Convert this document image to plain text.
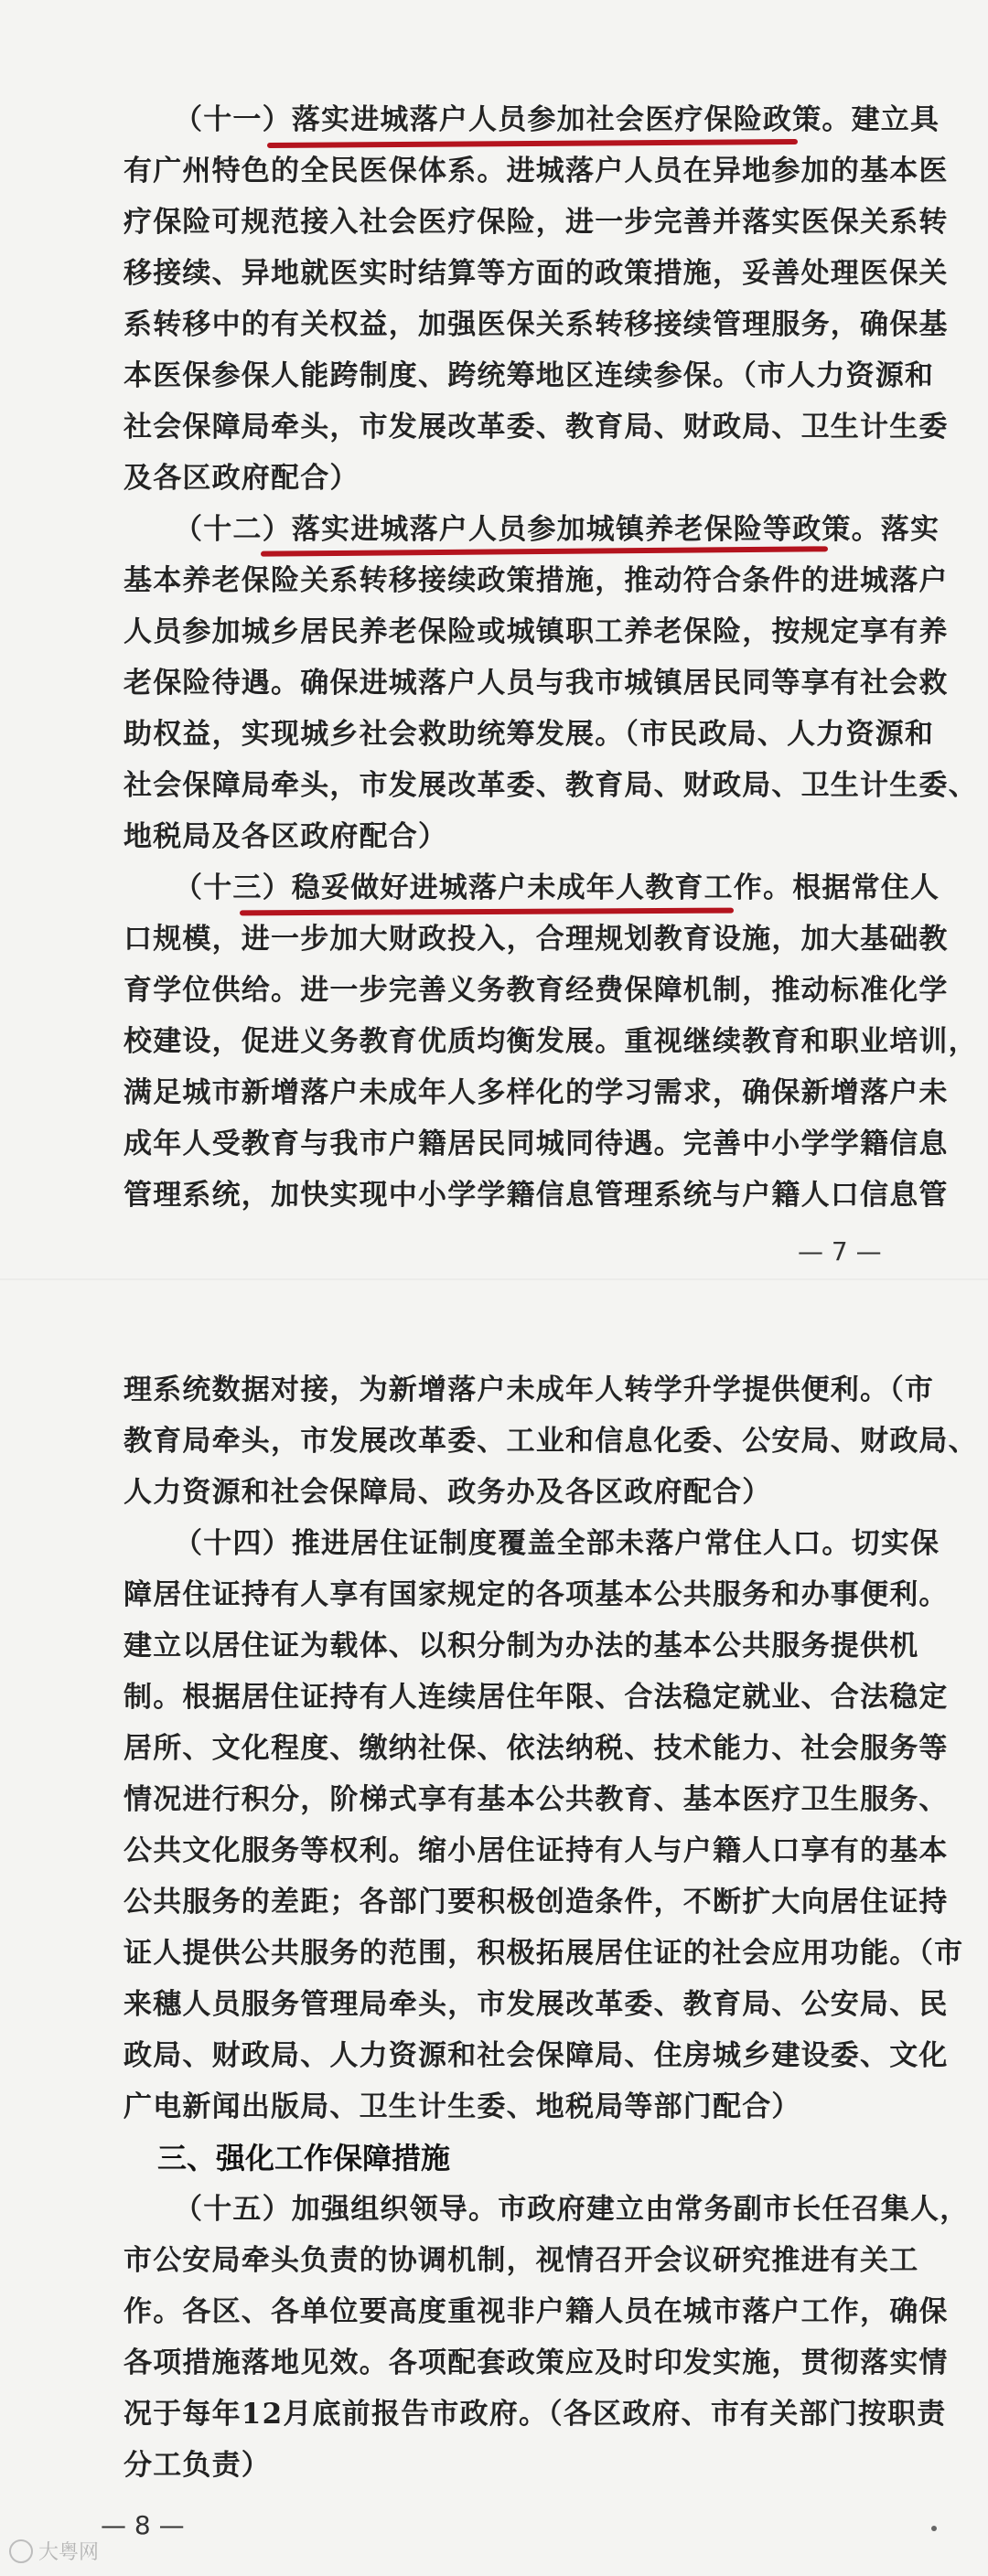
（十一）落实进城落户人员参加社会医疗保险政策。建立具
有广州特色的全民医保体系。进城落户人员在异地参加的基本医
疗保险可规范接入社会医疗保险，进一步完善并落实医保关系转
移接续、异地就医实时结算等方面的政策措施，妥善处理医保关
系转移中的有关权益，加强医保关系转移接续管理服务，确保基
本医保参保人能跨制度、跨统筹地区连续参保。（市人力资源和
社会保障局牵头，市发展改革委、教育局、财政局、卫生计生委
及各区政府配合）
（十二）落实进城落户人员参加城镇养老保险等政策。落实
基本养老保险关系转移接续政策措施，推动符合条件的进城落户
人员参加城乡居民养老保险或城镇职工养老保险，按规定享有养
老保险待遇。确保进城落户人员与我市城镇居民同等享有社会救
助权益，实现城乡社会救助统筹发展。（市民政局、人力资源和
社会保障局牵头，市发展改革委、教育局、财政局、卫生计生委、
地税局及各区政府配合）
（十三）稳妥做好进城落户未成年人教育工作。根据常住人
口规模，进一步加大财政投入，合理规划教育设施，加大基础教
育学位供给。进一步完善义务教育经费保障机制，推动标准化学
校建设，促进义务教育优质均衡发展。重视继续教育和职业培训，
满足城市新增落户未成年人多样化的学习需求，确保新增落户未
成年人受教育与我市户籍居民同城同待遇。完善中小学学籍信息
管理系统，加快实现中小学学籍信息管理系统与户籍人口信息管
— 7 —
理系统数据对接，为新增落户未成年人转学升学提供便利。（市
教育局牵头，市发展改革委、工业和信息化委、公安局、财政局、
人力资源和社会保障局、政务办及各区政府配合）
（十四）推进居住证制度覆盖全部未落户常住人口。切实保
障居住证持有人享有国家规定的各项基本公共服务和办事便利。
建立以居住证为载体、以积分制为办法的基本公共服务提供机
制。根据居住证持有人连续居住年限、合法稳定就业、合法稳定
居所、文化程度、缴纳社保、依法纳税、技术能力、社会服务等
情况进行积分，阶梯式享有基本公共教育、基本医疗卫生服务、
公共文化服务等权利。缩小居住证持有人与户籍人口享有的基本
公共服务的差距；各部门要积极创造条件，不断扩大向居住证持
证人提供公共服务的范围，积极拓展居住证的社会应用功能。（市
来穗人员服务管理局牵头，市发展改革委、教育局、公安局、民
政局、财政局、人力资源和社会保障局、住房城乡建设委、文化
广电新闻出版局、卫生计生委、地税局等部门配合）
三、强化工作保障措施
（十五）加强组织领导。市政府建立由常务副市长任召集人，
市公安局牵头负责的协调机制，视情召开会议研究推进有关工
作。各区、各单位要高度重视非户籍人员在城市落户工作，确保
各项措施落地见效。各项配套政策应及时印发实施，贯彻落实情
况于每年12月底前报告市政府。（各区政府、市有关部门按职责
分工负责）
— 8 —
大粤网
